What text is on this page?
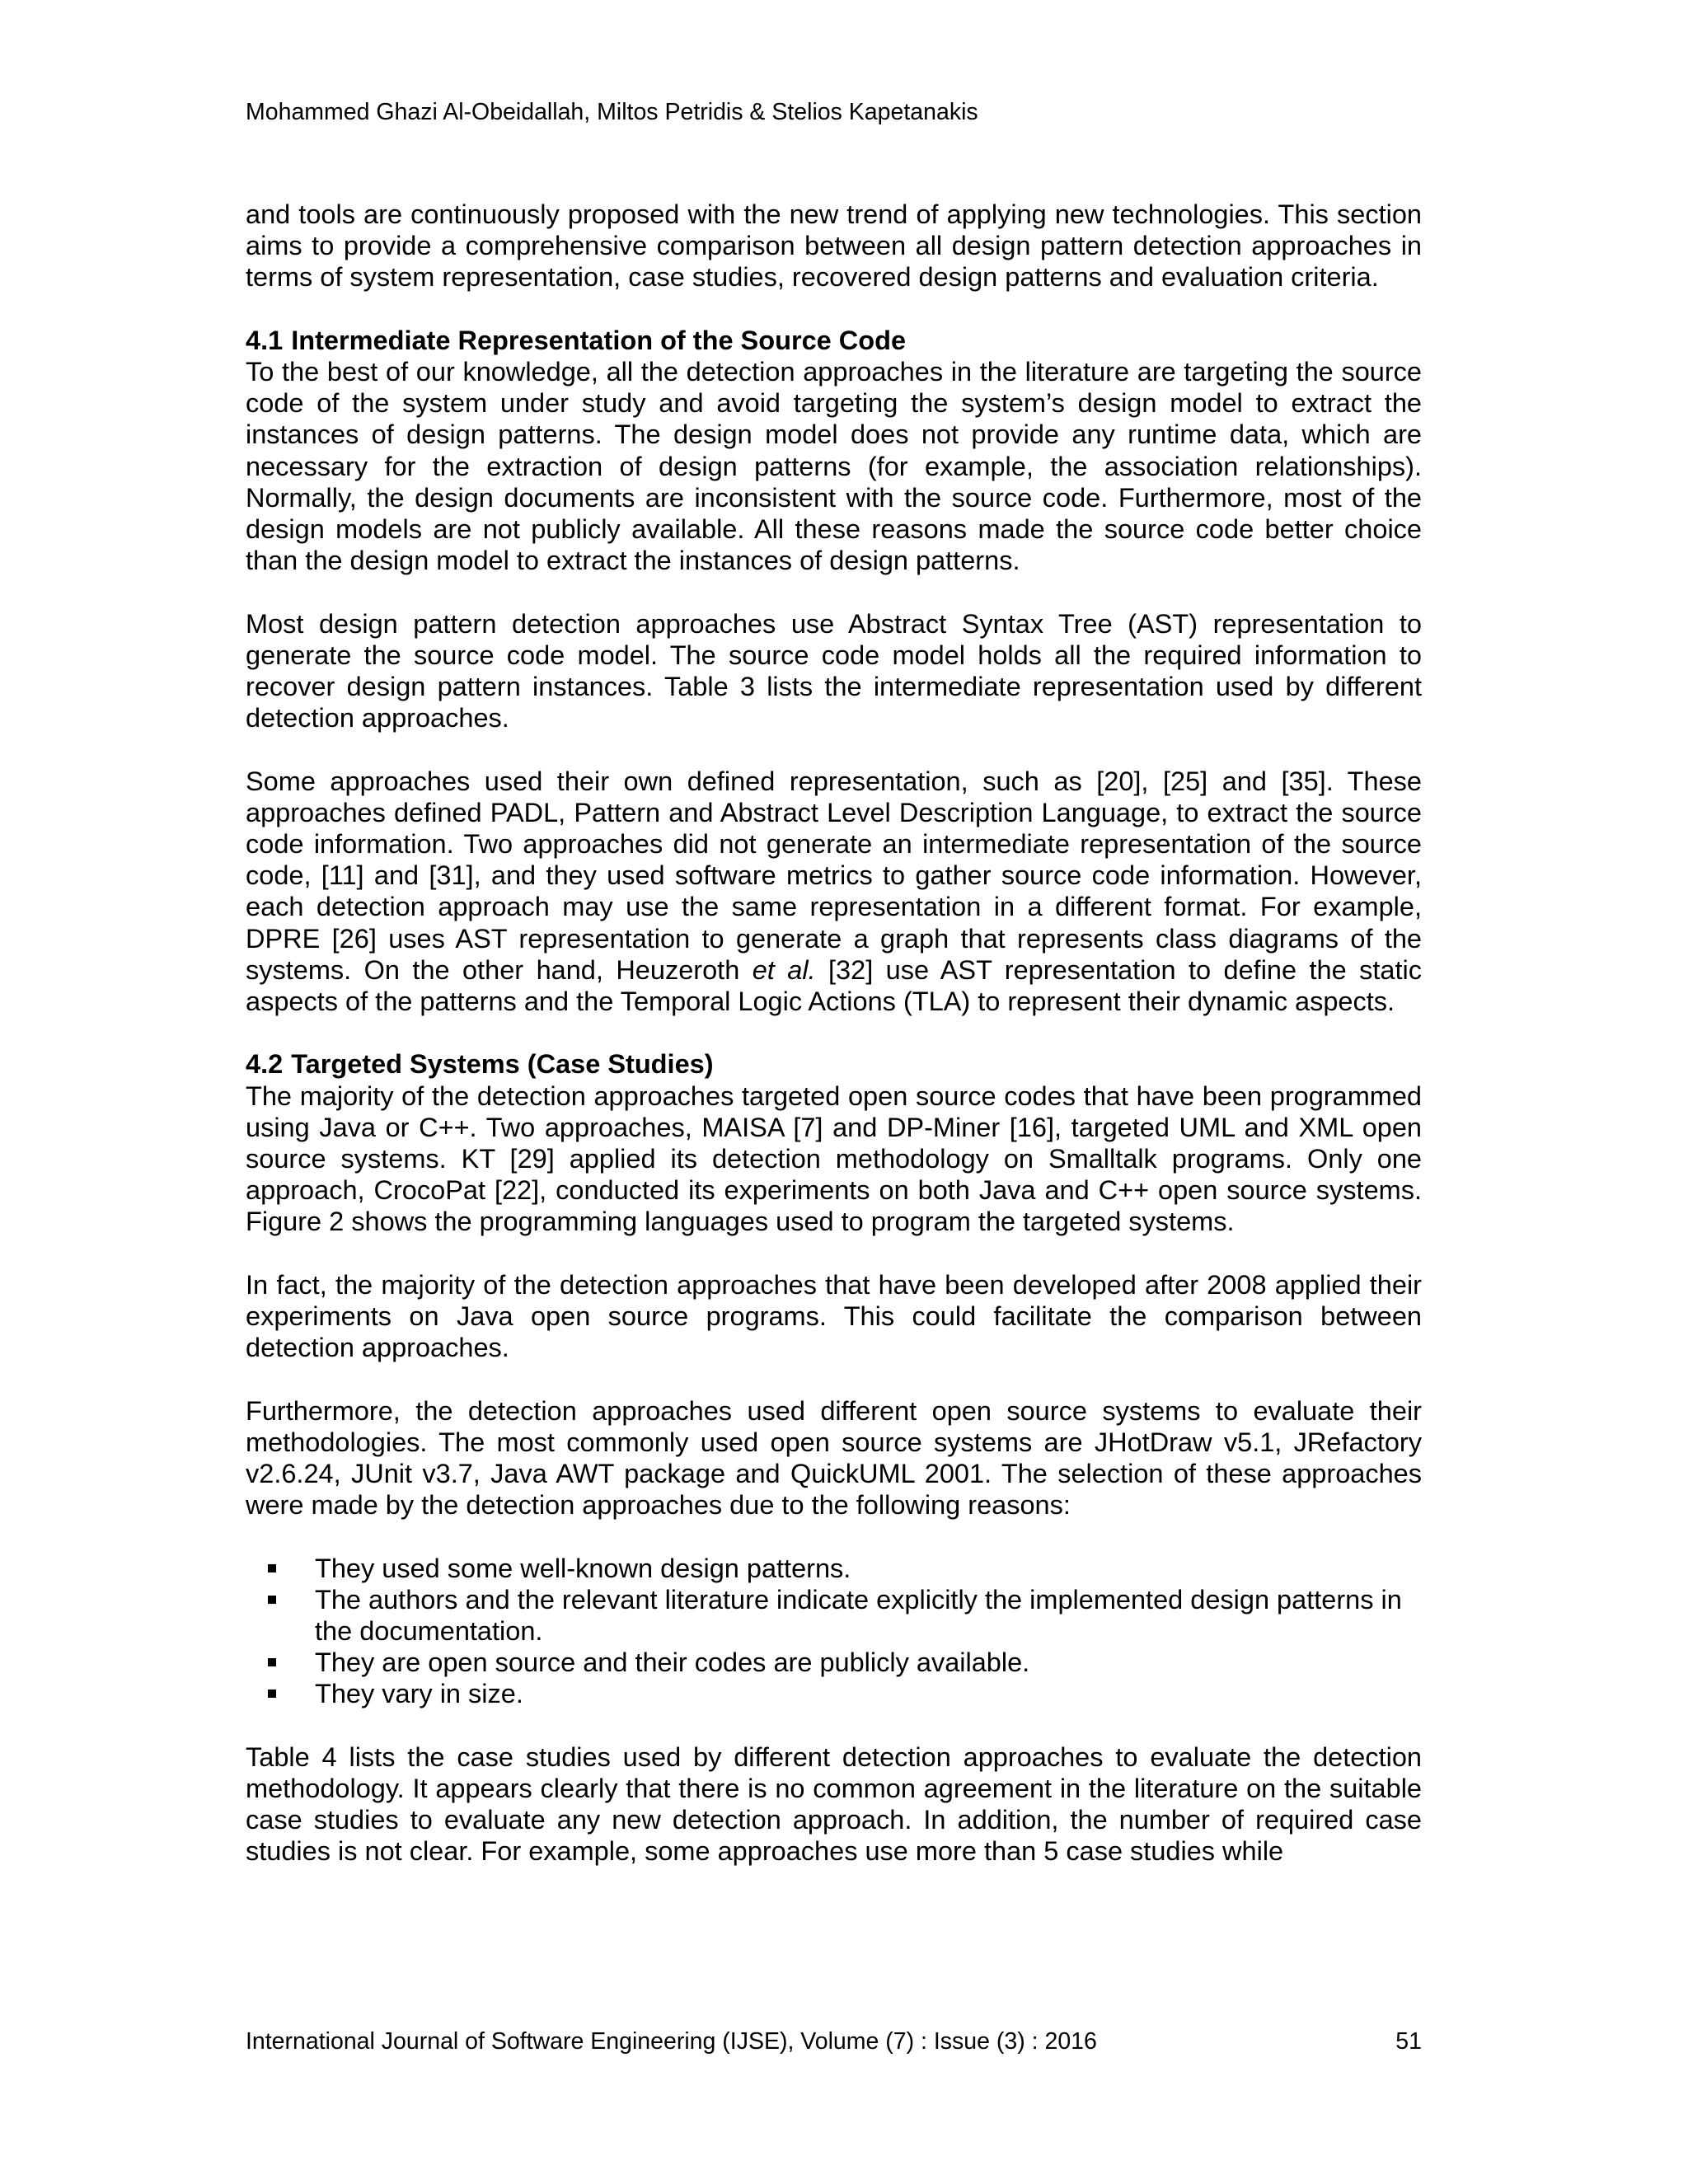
Mohammed Ghazi Al-Obeidallah, Miltos Petridis & Stelios Kapetanakis

and tools are continuously proposed with the new trend of applying new technologies. This section aims to provide a comprehensive comparison between all design pattern detection approaches in terms of system representation, case studies, recovered design patterns and evaluation criteria.

4.1 Intermediate Representation of the Source Code

To the best of our knowledge, all the detection approaches in the literature are targeting the source code of the system under study and avoid targeting the system’s design model to extract the instances of design patterns. The design model does not provide any runtime data, which are necessary for the extraction of design patterns (for example, the association relationships). Normally, the design documents are inconsistent with the source code. Furthermore, most of the design models are not publicly available. All these reasons made the source code better choice than the design model to extract the instances of design patterns.

Most design pattern detection approaches use Abstract Syntax Tree (AST) representation to generate the source code model. The source code model holds all the required information to recover design pattern instances. Table 3 lists the intermediate representation used by different detection approaches.

Some approaches used their own defined representation, such as [20], [25] and [35]. These approaches defined PADL, Pattern and Abstract Level Description Language, to extract the source code information. Two approaches did not generate an intermediate representation of the source code, [11] and [31], and they used software metrics to gather source code information. However, each detection approach may use the same representation in a different format. For example, DPRE [26] uses AST representation to generate a graph that represents class diagrams of the systems. On the other hand, Heuzeroth et al. [32] use AST representation to define the static aspects of the patterns and the Temporal Logic Actions (TLA) to represent their dynamic aspects.

4.2 Targeted Systems (Case Studies)

The majority of the detection approaches targeted open source codes that have been programmed using Java or C++. Two approaches, MAISA [7] and DP-Miner [16], targeted UML and XML open source systems. KT [29] applied its detection methodology on Smalltalk programs. Only one approach, CrocoPat [22], conducted its experiments on both Java and C++ open source systems. Figure 2 shows the programming languages used to program the targeted systems.

In fact, the majority of the detection approaches that have been developed after 2008 applied their experiments on Java open source programs. This could facilitate the comparison between detection approaches.

Furthermore, the detection approaches used different open source systems to evaluate their methodologies. The most commonly used open source systems are JHotDraw v5.1, JRefactory v2.6.24, JUnit v3.7, Java AWT package and QuickUML 2001. The selection of these approaches were made by the detection approaches due to the following reasons:

They used some well-known design patterns.
The authors and the relevant literature indicate explicitly the implemented design patterns in the documentation.
They are open source and their codes are publicly available.
They vary in size.

Table 4 lists the case studies used by different detection approaches to evaluate the detection methodology. It appears clearly that there is no common agreement in the literature on the suitable case studies to evaluate any new detection approach. In addition, the number of required case studies is not clear. For example, some approaches use more than 5 case studies while

International Journal of Software Engineering (IJSE), Volume (7) : Issue (3) : 2016	51
